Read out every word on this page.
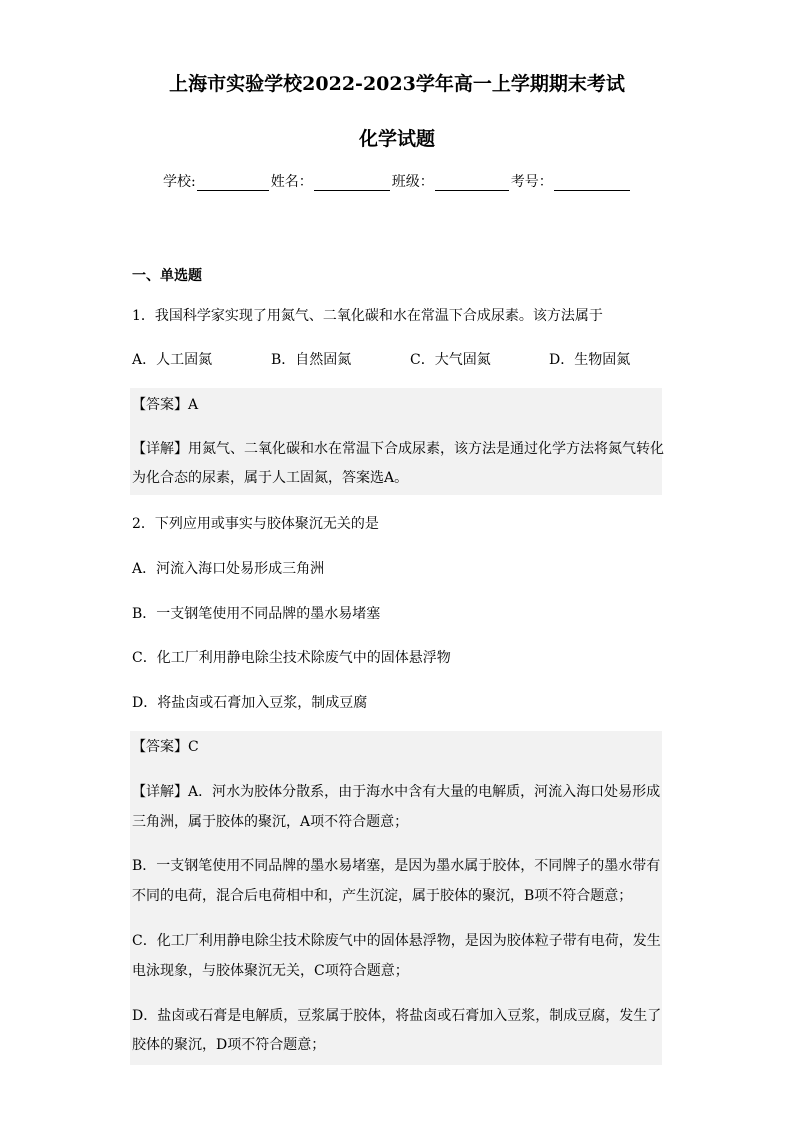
上海市实验学校2022-2023学年高一上学期期末考试
化学试题
学校:	姓名：	班级：	考号：
一、单选题
1．我国科学家实现了用氮气、二氧化碳和水在常温下合成尿素。该方法属于
A．人工固氮	B．自然固氮	C．大气固氮	D．生物固氮
【答案】A
【详解】用氮气、二氧化碳和水在常温下合成尿素，该方法是通过化学方法将氮气转化
为化合态的尿素，属于人工固氮，答案选A。
2．下列应用或事实与胶体聚沉无关的是
A．河流入海口处易形成三角洲
B．一支钢笔使用不同品牌的墨水易堵塞
C．化工厂利用静电除尘技术除废气中的固体悬浮物
D．将盐卤或石膏加入豆浆，制成豆腐
【答案】C
【详解】A．河水为胶体分散系，由于海水中含有大量的电解质，河流入海口处易形成
三角洲，属于胶体的聚沉，A项不符合题意；
B．一支钢笔使用不同品牌的墨水易堵塞，是因为墨水属于胶体，不同牌子的墨水带有
不同的电荷，混合后电荷相中和，产生沉淀，属于胶体的聚沉，B项不符合题意；
C．化工厂利用静电除尘技术除废气中的固体悬浮物，是因为胶体粒子带有电荷，发生
电泳现象，与胶体聚沉无关，C项符合题意；
D．盐卤或石膏是电解质，豆浆属于胶体，将盐卤或石膏加入豆浆，制成豆腐，发生了
胶体的聚沉，D项不符合题意；
